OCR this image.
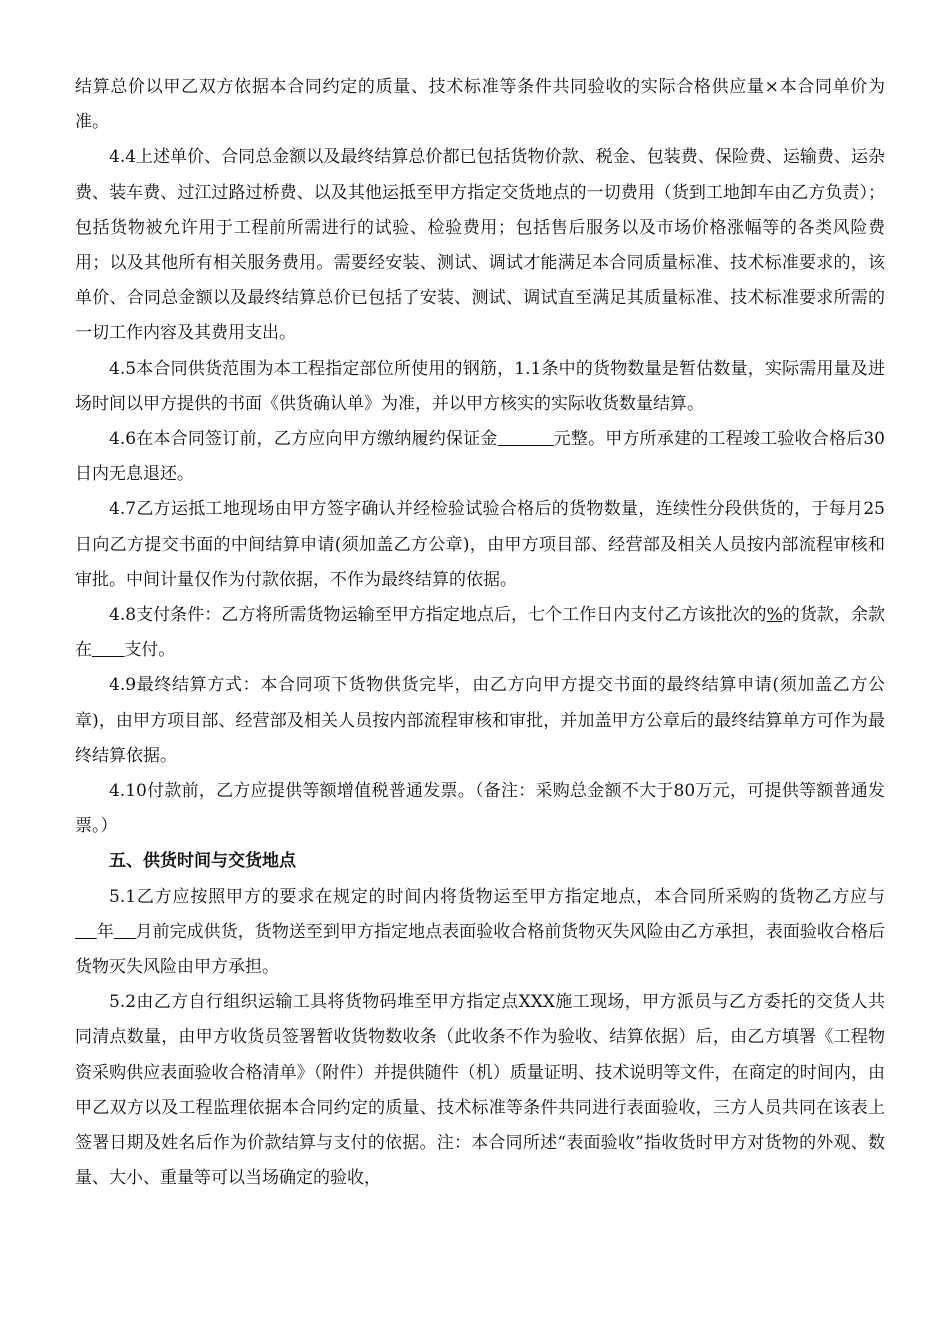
结算总价以甲乙双方依据本合同约定的质量、技术标准等条件共同验收的实际合格供应量×本合同单价为准。

4.4上述单价、合同总金额以及最终结算总价都已包括货物价款、税金、包装费、保险费、运输费、运杂费、装车费、过江过路过桥费、以及其他运抵至甲方指定交货地点的一切费用（货到工地卸车由乙方负责）；包括货物被允许用于工程前所需进行的试验、检验费用；包括售后服务以及市场价格涨幅等的各类风险费用；以及其他所有相关服务费用。需要经安装、测试、调试才能满足本合同质量标准、技术标准要求的，该单价、合同总金额以及最终结算总价已包括了安装、测试、调试直至满足其质量标准、技术标准要求所需的一切工作内容及其费用支出。

4.5本合同供货范围为本工程指定部位所使用的钢筋，1.1条中的货物数量是暂估数量，实际需用量及进场时间以甲方提供的书面《供货确认单》为准，并以甲方核实的实际收货数量结算。

4.6在本合同签订前，乙方应向甲方缴纳履约保证金	元整。甲方所承建的工程竣工验收合格后30日内无息退还。

4.7乙方运抵工地现场由甲方签字确认并经检验试验合格后的货物数量，连续性分段供货的，于每月25日向乙方提交书面的中间结算申请(须加盖乙方公章)，由甲方项目部、经营部及相关人员按内部流程审核和审批。中间计量仅作为付款依据，不作为最终结算的依据。

4.8支付条件：乙方将所需货物运输至甲方指定地点后，七个工作日内支付乙方该批次的%的货款，余款在 支付。

4.9最终结算方式：本合同项下货物供货完毕，由乙方向甲方提交书面的最终结算申请(须加盖乙方公章)，由甲方项目部、经营部及相关人员按内部流程审核和审批，并加盖甲方公章后的最终结算单方可作为最终结算依据。

4.10付款前，乙方应提供等额增值税普通发票。（备注：采购总金额不大于80万元，可提供等额普通发票。）

五、供货时间与交货地点

5.1乙方应按照甲方的要求在规定的时间内将货物运至甲方指定地点，本合同所采购的货物乙方应与    年 月前完成供货，货物送至到甲方指定地点表面验收合格前货物灭失风险由乙方承担，表面验收合格后货物灭失风险由甲方承担。

5.2由乙方自行组织运输工具将货物码堆至甲方指定点XXX施工现场，甲方派员与乙方委托的交货人共同清点数量，由甲方收货员签署暂收货物数收条（此收条不作为验收、结算依据）后，由乙方填署《工程物资采购供应表面验收合格清单》（附件）并提供随件（机）质量证明、技术说明等文件，在商定的时间内，由甲乙双方以及工程监理依据本合同约定的质量、技术标准等条件共同进行表面验收，三方人员共同在该表上签署日期及姓名后作为价款结算与支付的依据。注：本合同所述“表面验收”指收货时甲方对货物的外观、数量、大小、重量等可以当场确定的验收，
